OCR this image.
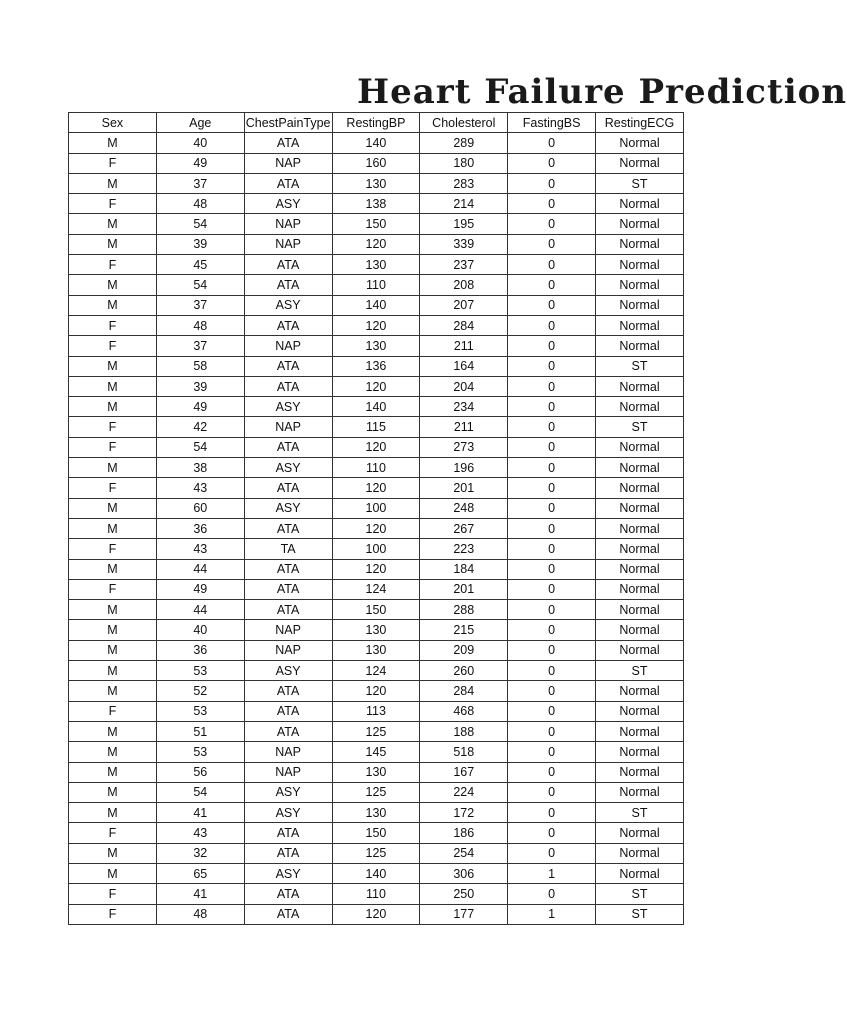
Heart Failure Prediction
Sex	Age	ChestPainType	RestingBP	Cholesterol	FastingBS	RestingECG
M	40	ATA	140	289	0	Normal
F	49	NAP	160	180	0	Normal
M	37	ATA	130	283	0	ST
F	48	ASY	138	214	0	Normal
M	54	NAP	150	195	0	Normal
M	39	NAP	120	339	0	Normal
F	45	ATA	130	237	0	Normal
M	54	ATA	110	208	0	Normal
M	37	ASY	140	207	0	Normal
F	48	ATA	120	284	0	Normal
F	37	NAP	130	211	0	Normal
M	58	ATA	136	164	0	ST
M	39	ATA	120	204	0	Normal
M	49	ASY	140	234	0	Normal
F	42	NAP	115	211	0	ST
F	54	ATA	120	273	0	Normal
M	38	ASY	110	196	0	Normal
F	43	ATA	120	201	0	Normal
M	60	ASY	100	248	0	Normal
M	36	ATA	120	267	0	Normal
F	43	TA	100	223	0	Normal
M	44	ATA	120	184	0	Normal
F	49	ATA	124	201	0	Normal
M	44	ATA	150	288	0	Normal
M	40	NAP	130	215	0	Normal
M	36	NAP	130	209	0	Normal
M	53	ASY	124	260	0	ST
M	52	ATA	120	284	0	Normal
F	53	ATA	113	468	0	Normal
M	51	ATA	125	188	0	Normal
M	53	NAP	145	518	0	Normal
M	56	NAP	130	167	0	Normal
M	54	ASY	125	224	0	Normal
M	41	ASY	130	172	0	ST
F	43	ATA	150	186	0	Normal
M	32	ATA	125	254	0	Normal
M	65	ASY	140	306	1	Normal
F	41	ATA	110	250	0	ST
F	48	ATA	120	177	1	ST
